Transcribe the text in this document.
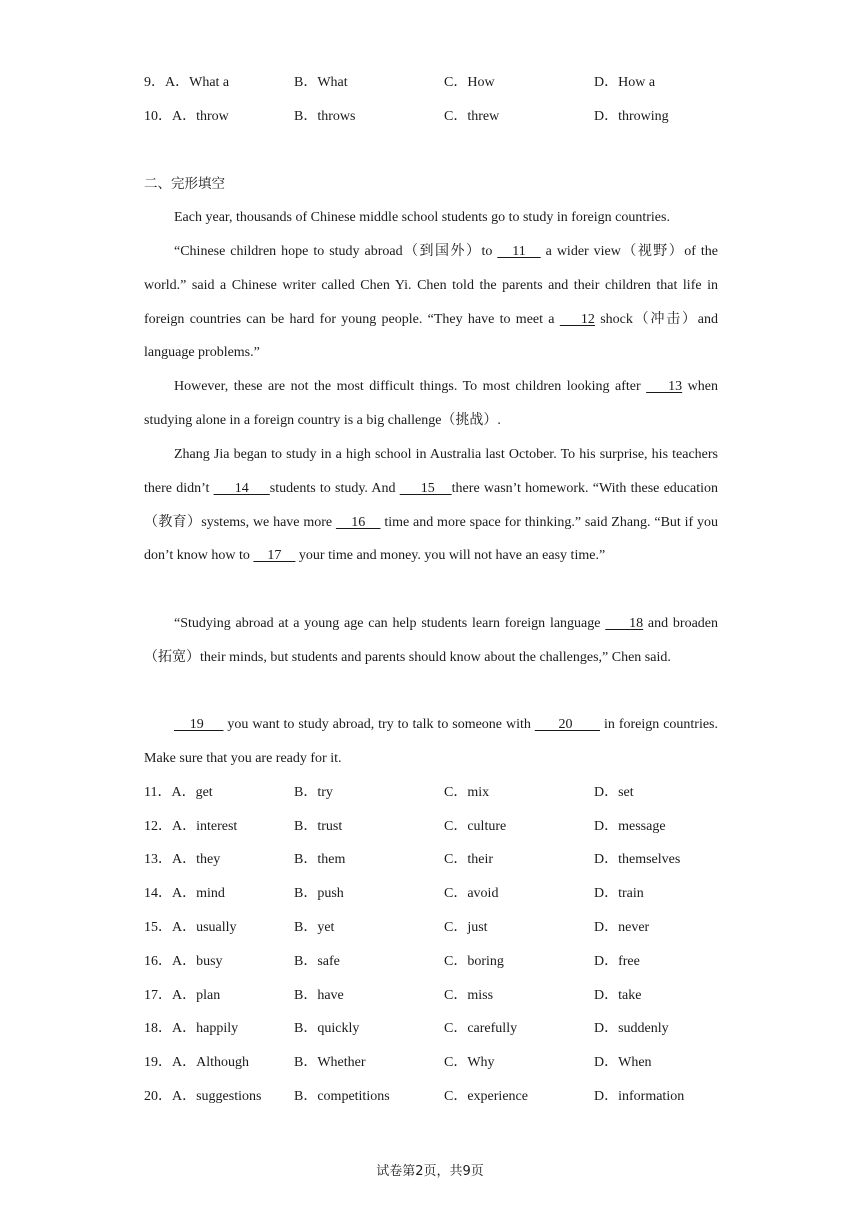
9．A．What a	B．What	C．How	D．How a
10．A．throw	B．throws	C．threw	D．throwing
二、完形填空
Each year, thousands of Chinese middle school students go to study in foreign countries.
“Chinese children hope to study abroad（到国外）to    11    a wider view（视野）of the world.” said a Chinese writer called Chen Yi. Chen told the parents and their children that life in foreign countries can be hard for young people. “They have to meet a     12 shock（冲击）and language problems.”
However, these are not the most difficult things. To most children looking after     13 when studying alone in a foreign country is a big challenge（挑战）.
Zhang Jia began to study in a high school in Australia last October. To his surprise, his teachers there didn’t      14     students to study. And      15    there wasn’t homework. “With these education（教育）systems, we have more     16     time and more space for thinking.” said Zhang. “But if you don’t know how to     17     your time and money. you will not have an easy time.”
“Studying abroad at a young age can help students learn foreign language      18 and broaden（拓宽）their minds, but students and parents should know about the challenges,” Chen said.
19      you want to study abroad, try to talk to someone with       20        in foreign countries. Make sure that you are ready for it.
11．A．get	B．try	C．mix	D．set
12．A．interest	B．trust	C．culture	D．message
13．A．they	B．them	C．their	D．themselves
14．A．mind	B．push	C．avoid	D．train
15．A．usually	B．yet	C．just	D．never
16．A．busy	B．safe	C．boring	D．free
17．A．plan	B．have	C．miss	D．take
18．A．happily	B．quickly	C．carefully	D．suddenly
19．A．Although	B．Whether	C．Why	D．When
20．A．suggestions B．competitions	C．experience	D．information
试卷第2页，共9页
